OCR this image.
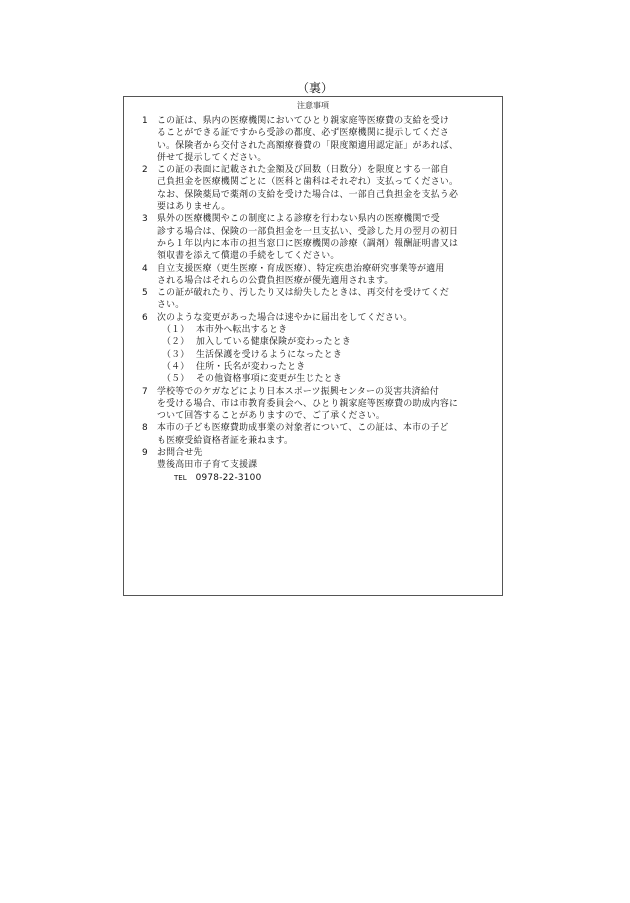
（裏）
注意事項
1	この証は、県内の医療機関においてひとり親家庭等医療費の支給を受け
ることができる証ですから受診の都度、必ず医療機関に提示してくださ
い。保険者から交付された高額療養費の「限度額適用認定証」があれば、
併せて提示してください。
2	この証の表面に記載された金額及び回数（日数分）を限度とする一部自
己負担金を医療機関ごとに（医科と歯科はそれぞれ）支払ってください。
なお、保険薬局で薬剤の支給を受けた場合は、一部自己負担金を支払う必
要はありません。
3	県外の医療機関やこの制度による診療を行わない県内の医療機関で受
診する場合は、保険の一部負担金を一旦支払い、受診した月の翌月の初日
から１年以内に本市の担当窓口に医療機関の診療（調剤）報酬証明書又は
領収書を添えて償還の手続をしてください。
4	自立支援医療（更生医療・育成医療）、特定疾患治療研究事業等が適用
される場合はそれらの公費負担医療が優先適用されます。
5	この証が破れたり、汚したり又は紛失したときは、再交付を受けてくだ
さい。
6	次のような変更があった場合は速やかに届出をしてください。
（１） 本市外へ転出するとき
（２） 加入している健康保険が変わったとき
（３） 生活保護を受けるようになったとき
（４） 住所・氏名が変わったとき
（５） その他資格事項に変更が生じたとき
7	学校等でのケガなどにより日本スポーツ振興センターの災害共済給付
を受ける場合、市は市教育委員会へ、ひとり親家庭等医療費の助成内容に
ついて回答することがありますので、ご了承ください。
8	本市の子ども医療費助成事業の対象者について、この証は、本市の子ど
も医療受給資格者証を兼ねます。
9	お問合せ先
豊後高田市子育て支援課
TEL 0978-22-3100
